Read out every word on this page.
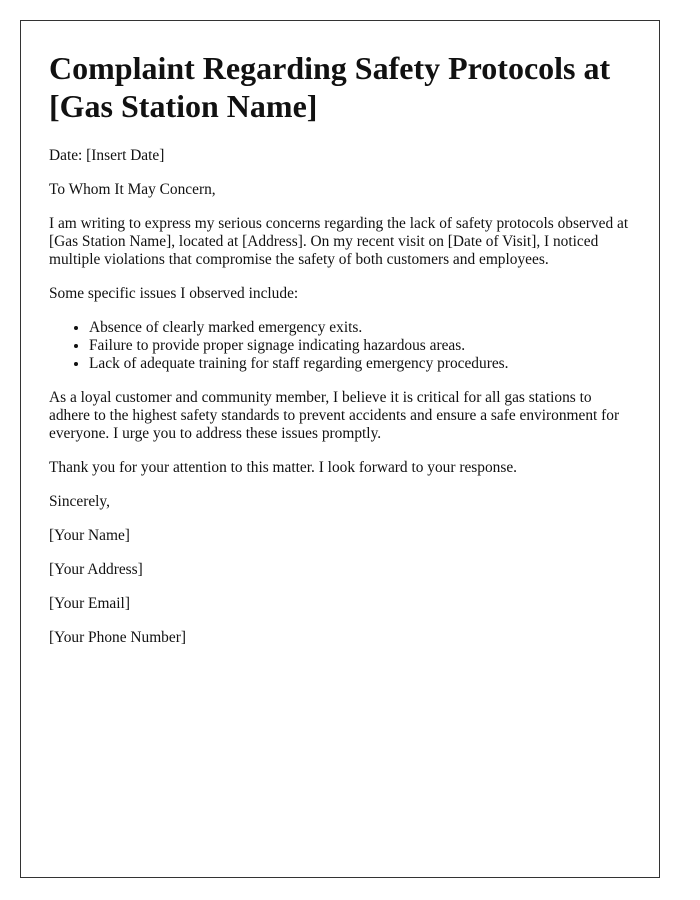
Complaint Regarding Safety Protocols at [Gas Station Name]

Date: [Insert Date]

To Whom It May Concern,

I am writing to express my serious concerns regarding the lack of safety protocols observed at [Gas Station Name], located at [Address]. On my recent visit on [Date of Visit], I noticed multiple violations that compromise the safety of both customers and employees.

Some specific issues I observed include:

• Absence of clearly marked emergency exits.
• Failure to provide proper signage indicating hazardous areas.
• Lack of adequate training for staff regarding emergency procedures.

As a loyal customer and community member, I believe it is critical for all gas stations to adhere to the highest safety standards to prevent accidents and ensure a safe environment for everyone. I urge you to address these issues promptly.

Thank you for your attention to this matter. I look forward to your response.

Sincerely,

[Your Name]

[Your Address]

[Your Email]

[Your Phone Number]
